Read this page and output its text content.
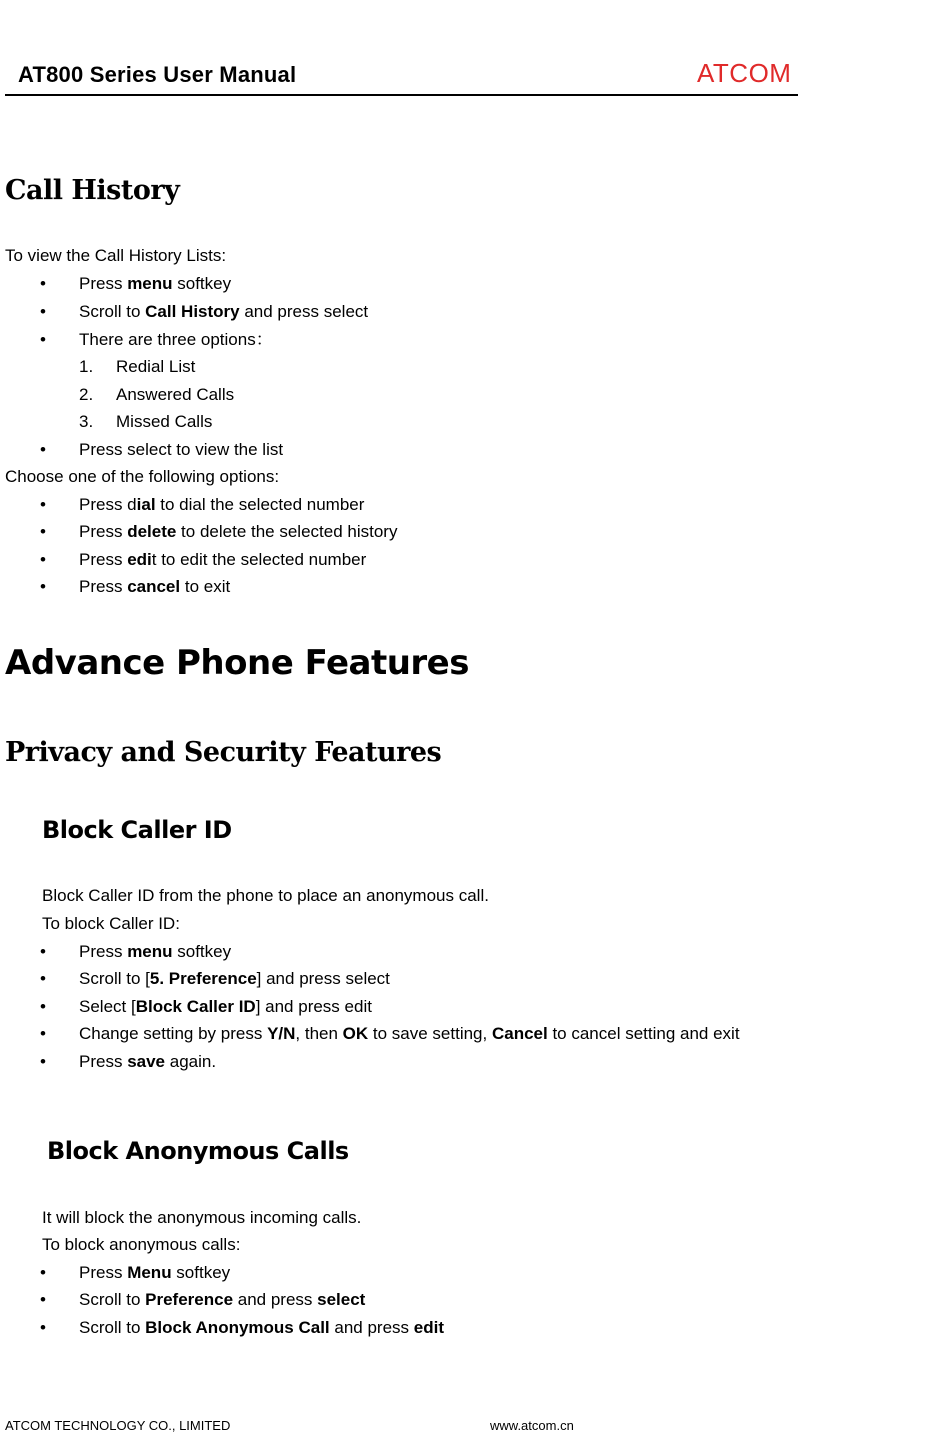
AT800 Series User Manual	ATCOM
Call History
To view the Call History Lists:
• Press menu softkey
• Scroll to Call History and press select
• There are three options：
1. Redial List
2. Answered Calls
3. Missed Calls
• Press select to view the list
Choose one of the following options:
• Press dial to dial the selected number
• Press delete to delete the selected history
• Press edit to edit the selected number
• Press cancel to exit
Advance Phone Features
Privacy and Security Features
Block Caller ID
Block Caller ID from the phone to place an anonymous call.
To block Caller ID:
• Press menu softkey
• Scroll to [5. Preference] and press select
• Select [Block Caller ID] and press edit
• Change setting by press Y/N, then OK to save setting, Cancel to cancel setting and exit
• Press save again.
Block Anonymous Calls
It will block the anonymous incoming calls.
To block anonymous calls:
• Press Menu softkey
• Scroll to Preference and press select
• Scroll to Block Anonymous Call and press edit
ATCOM TECHNOLOGY CO., LIMITED	www.atcom.cn
